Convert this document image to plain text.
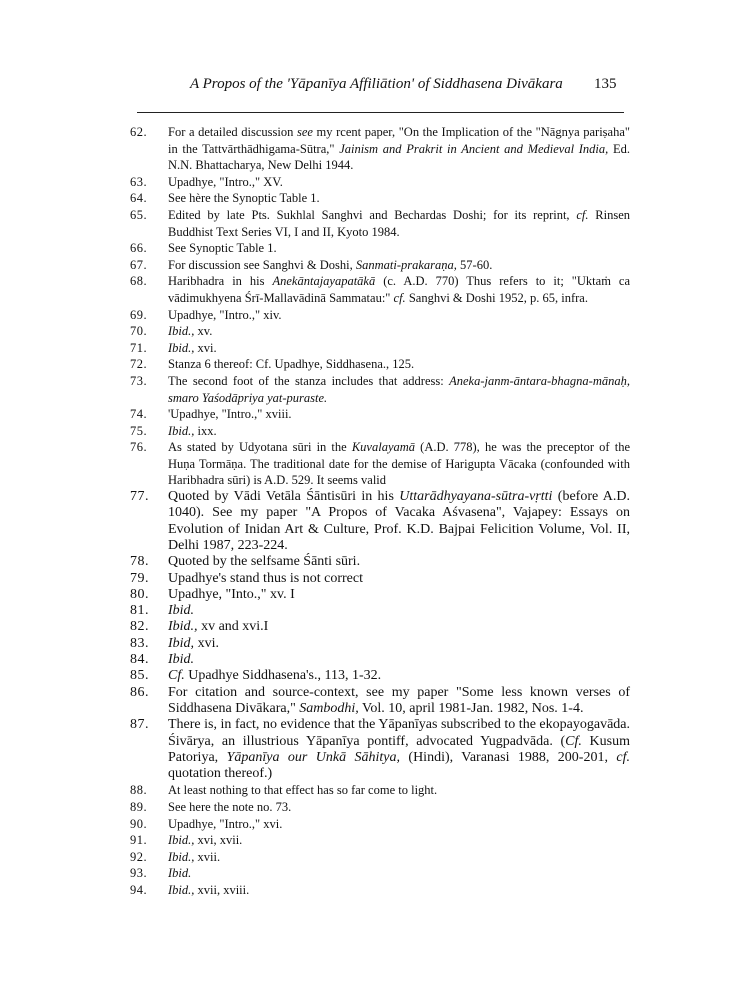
A Propos of the 'Yāpanīya Affiliātion' of Siddhasena Divākara 135
62.	For a detailed discussion see my rcent paper, "On the Implication of the "Nāgnya pariṣaha" in the Tattvārthādhigama-Sūtra," Jainism and Prakrit in Ancient and Medieval India, Ed. N.N. Bhattacharya, New Delhi 1944.
63.	Upadhye, "Intro.," XV.
64.	See hère the Synoptic Table 1.
65.	Edited by late Pts. Sukhlal Sanghvi and Bechardas Doshi; for its reprint, cf. Rinsen Buddhist Text Series VI, I and II, Kyoto 1984.
66.	See Synoptic Table 1.
67.	For discussion see Sanghvi & Doshi, Sanmati-prakaraṇa, 57-60.
68.	Haribhadra in his Anekāntajayapatākā (c. A.D. 770) Thus refers to it; "Uktaṁ ca vādimukhyena Śrī-Mallavādinā Sammatau:" cf. Sanghvi & Doshi 1952, p. 65, infra.
69.	Upadhye, "Intro.," xiv.
70.	Ibid., xv.
71.	Ibid., xvi.
72.	Stanza 6 thereof: Cf. Upadhye, Siddhasena., 125.
73.	The second foot of the stanza includes that address: Aneka-janm-āntara-bhagna-mānaḥ, smaro Yaśodāpriya yat-puraste.
74.	'Upadhye, "Intro.," xviii.
75.	Ibid., ixx.
76.	As stated by Udyotana sūri in the Kuvalayamā (A.D. 778), he was the preceptor of the Huṇa Tormāṇa. The traditional date for the demise of Harigupta Vācaka (confounded with Haribhadra sūri) is A.D. 529. It seems valid
77.	Quoted by Vādi Vetāla Śāntisūri in his Uttarādhyayana-sūtra-vṛtti (before A.D. 1040). See my paper "A Propos of Vacaka Aśvasena", Vajapey: Essays on Evolution of Inidan Art & Culture, Prof. K.D. Bajpai Felicition Volume, Vol. II, Delhi 1987, 223-224.
78.	Quoted by the selfsame Śānti sūri.
79.	Upadhye's stand thus is not correct
80.	Upadhye, "Into.," xv. I
81.	Ibid.
82.	Ibid., xv and xvi.I
83.	Ibid, xvi.
84.	Ibid.
85.	Cf. Upadhye Siddhasena's., 113, 1-32.
86.	For citation and source-context, see my paper "Some less known verses of Siddhasena Divākara," Sambodhi, Vol. 10, april 1981-Jan. 1982, Nos. 1-4.
87.	There is, in fact, no evidence that the Yāpanīyas subscribed to the ekopayogavāda. Śivārya, an illustrious Yāpanīya pontiff, advocated Yugpadvāda. (Cf. Kusum Patoriya, Yāpanīya our Unkā Sāhitya, (Hindi), Varanasi 1988, 200-201, cf. quotation thereof.)
88.	At least nothing to that effect has so far come to light.
89.	See here the note no. 73.
90.	Upadhye, "Intro.," xvi.
91.	Ibid., xvi, xvii.
92.	Ibid., xvii.
93.	Ibid.
94.	Ibid., xvii, xviii.
